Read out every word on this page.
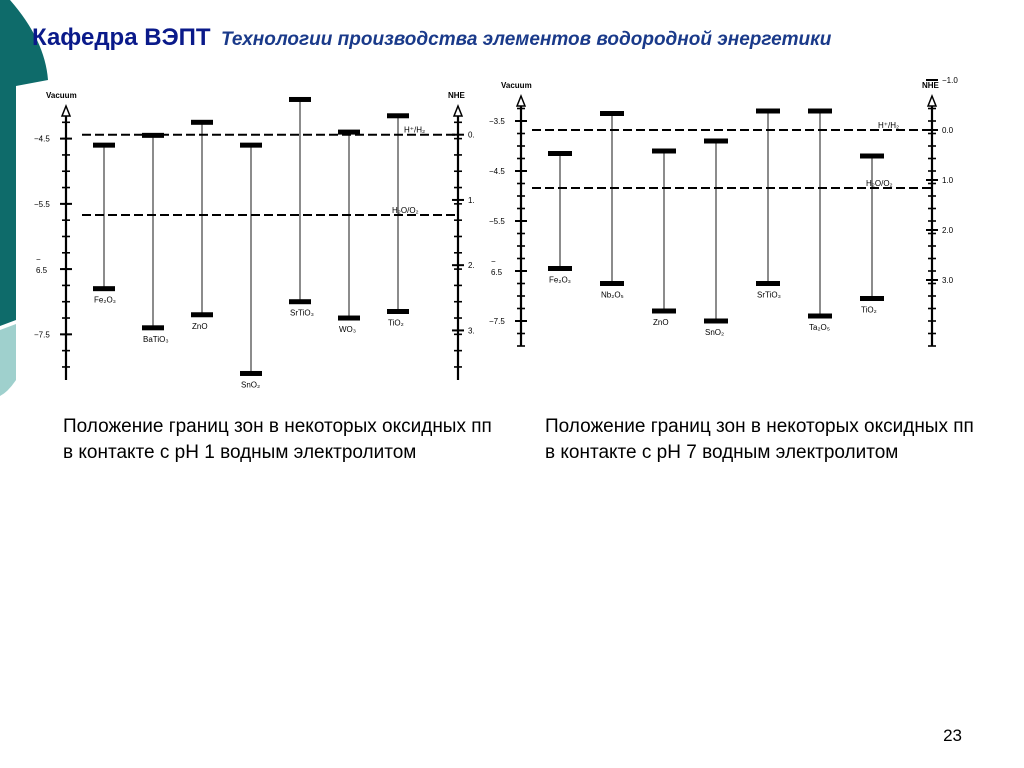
Кафедра ВЭПТ Технологии производства элементов водородной энергетики
Vacuum	NHE
−4.5
−5.5
−
6.5
−7.5
0.
1.
2.
3.
H⁺/H₂
H₂O/O₂
Fe₂O₃
BaTiO₃
ZnO
SnO₂
SrTiO₃
WO₃
TiO₂
Vacuum	NHE
−3.5
−4.5
−5.5
−
6.5
−7.5
−1.0
0.0
1.0
2.0
3.0
H⁺/H₂
H₂O/O₂
Fe₂O₃
Nb₂O₅
ZnO
SnO₂
SrTiO₃
Ta₂O₅
TiO₂
Положение границ зон в некоторых оксидных пп в контакте с pH 1 водным электролитом
Положение границ зон в некоторых оксидных пп в контакте с pH 7 водным электролитом
23
